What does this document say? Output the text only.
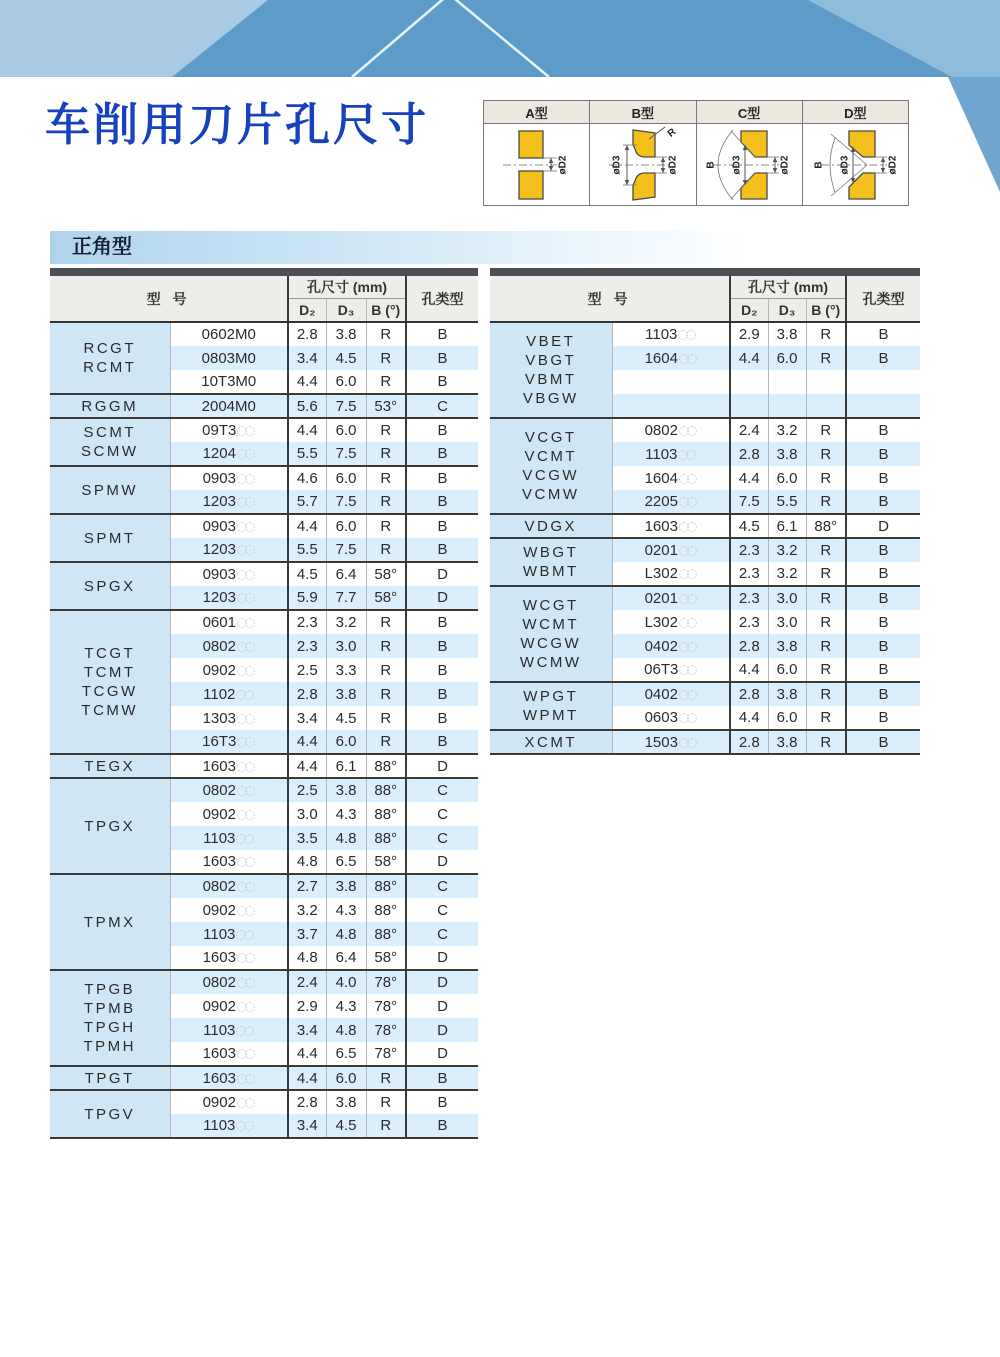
车削用刀片孔尺寸	A型	B型	C型	D型
øD2	øD3	øD2
R
B øD3	øD2 B øD3	øD2
正角型
型 号		孔尺寸 (mm)			孔类型
		D₂	D₃	B (°)	

RCGT
RCMT	0602M0	2.8	3.8	R	B
	0803M0	3.4	4.5	R	B
	10T3M0	4.4	6.0	R	B

RGGM	2004M0	5.6	7.5	53°	C

SCMT
SCMW	09T3	4.4	6.0	R	B
	1204	5.5	7.5	R	B

SPMW	0903	4.6	6.0	R	B
	1203	5.7	7.5	R	B

SPMT	0903	4.4	6.0	R	B
	1203	5.5	7.5	R	B

SPGX	0903	4.5	6.4	58°	D
	1203	5.9	7.7	58°	D

TCGT
TCMT
TCGW
TCMW	0601	2.3	3.2	R	B
	0802	2.3	3.0	R	B
	0902	2.5	3.3	R	B
	1102	2.8	3.8	R	B
	1303	3.4	4.5	R	B
	16T3	4.4	6.0	R	B

TEGX	1603	4.4	6.1	88°	D

TPGX	0802	2.5	3.8	88°	C
	0902	3.0	4.3	88°	C
	1103	3.5	4.8	88°	C
	1603	4.8	6.5	58°	D

TPMX	0802	2.7	3.8	88°	C
	0902	3.2	4.3	88°	C
	1103	3.7	4.8	88°	C
	1603	4.8	6.4	58°	D

TPGB
TPMB
TPGH
TPMH	0802	2.4	4.0	78°	D
	0902	2.9	4.3	78°	D
	1103	3.4	4.8	78°	D
	1603	4.4	6.5	78°	D

TPGT	1603	4.4	6.0	R	B

TPGV	0902	2.8	3.8	R	B
	1103	3.4	4.5	R	B
型 号		孔尺寸 (mm)			孔类型
		D₂	D₃	B (°)	

VBET
VBGT
VBMT
VBGW	1103	2.9	3.8	R	B
	1604	4.4	6.0	R	B

VCGT
VCMT
VCGW
VCMW	0802	2.4	3.2	R	B
	1103	2.8	3.8	R	B
	1604	4.4	6.0	R	B
	2205	7.5	5.5	R	B

VDGX	1603	4.5	6.1	88°	D

WBGT
WBMT	0201	2.3	3.2	R	B
	L302	2.3	3.2	R	B

WCGT
WCMT
WCGW
WCMW	0201	2.3	3.0	R	B
	L302	2.3	3.0	R	B
	0402	2.8	3.8	R	B
	06T3	4.4	6.0	R	B

WPGT
WPMT	0402	2.8	3.8	R	B
	0603	4.4	6.0	R	B

XCMT	1503	2.8	3.8	R	B
